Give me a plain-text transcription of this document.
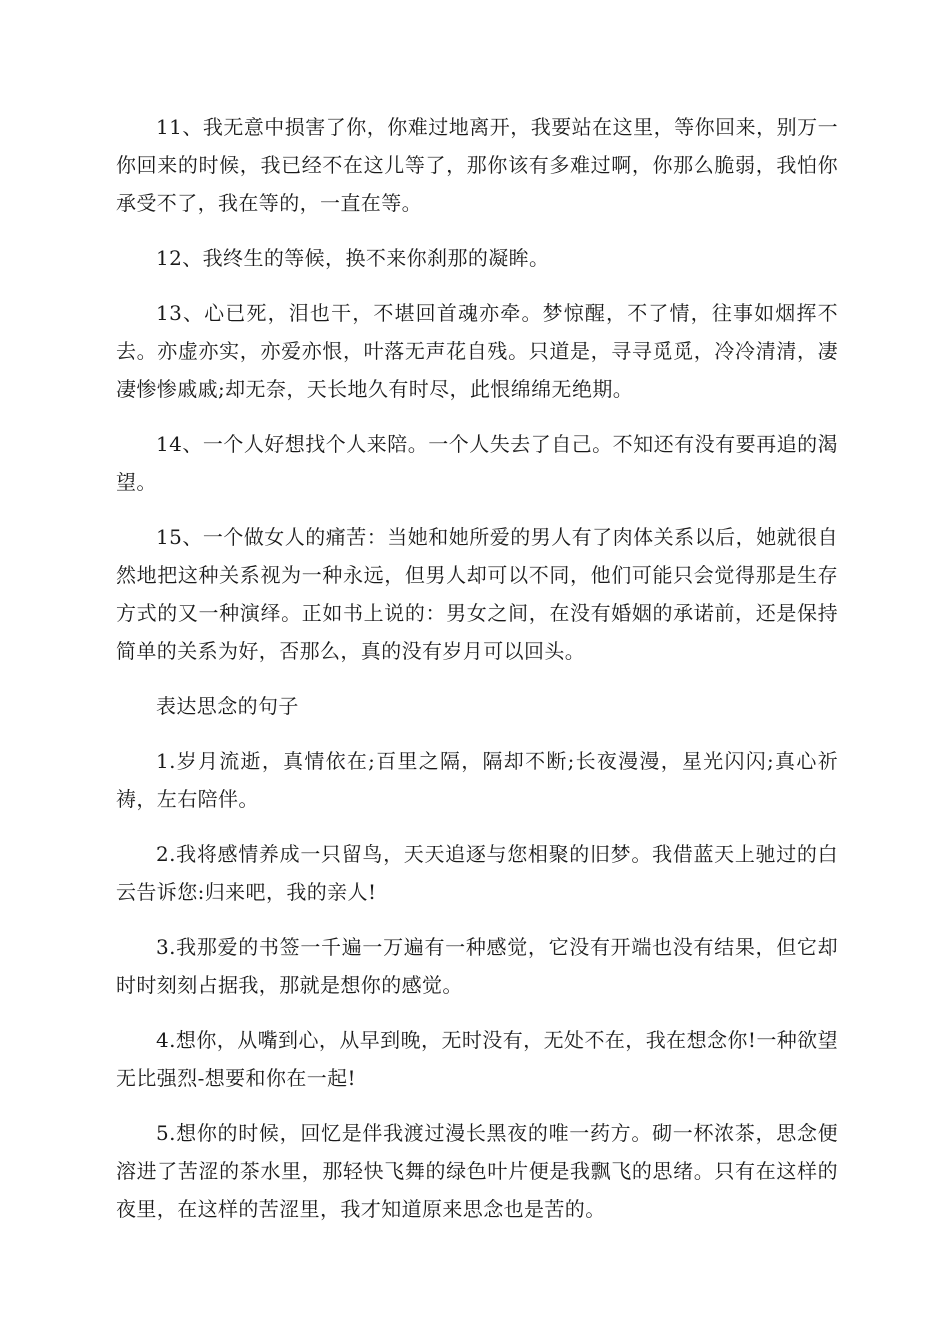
11、我无意中损害了你，你难过地离开，我要站在这里，等你回来，别万一你回来的时候，我已经不在这儿等了，那你该有多难过啊，你那么脆弱，我怕你承受不了，我在等的，一直在等。

12、我终生的等候，换不来你刹那的凝眸。

13、心已死，泪也干，不堪回首魂亦牵。梦惊醒，不了情，往事如烟挥不去。亦虚亦实，亦爱亦恨，叶落无声花自残。只道是，寻寻觅觅，冷冷清清，凄凄惨惨戚戚;却无奈，天长地久有时尽，此恨绵绵无绝期。

14、一个人好想找个人来陪。一个人失去了自己。不知还有没有要再追的渴望。

15、一个做女人的痛苦：当她和她所爱的男人有了肉体关系以后，她就很自然地把这种关系视为一种永远，但男人却可以不同，他们可能只会觉得那是生存方式的又一种演绎。正如书上说的：男女之间，在没有婚姻的承诺前，还是保持简单的关系为好，否那么，真的没有岁月可以回头。

表达思念的句子

1.岁月流逝，真情依在;百里之隔，隔却不断;长夜漫漫，星光闪闪;真心祈祷，左右陪伴。

2.我将感情养成一只留鸟，天天追逐与您相聚的旧梦。我借蓝天上驰过的白云告诉您:归来吧，我的亲人!

3.我那爱的书签一千遍一万遍有一种感觉，它没有开端也没有结果，但它却时时刻刻占据我，那就是想你的感觉。

4.想你，从嘴到心，从早到晚，无时没有，无处不在，我在想念你!一种欲望无比强烈-想要和你在一起!

5.想你的时候，回忆是伴我渡过漫长黑夜的唯一药方。砌一杯浓茶，思念便溶进了苦涩的茶水里，那轻快飞舞的绿色叶片便是我飘飞的思绪。只有在这样的夜里，在这样的苦涩里，我才知道原来思念也是苦的。
